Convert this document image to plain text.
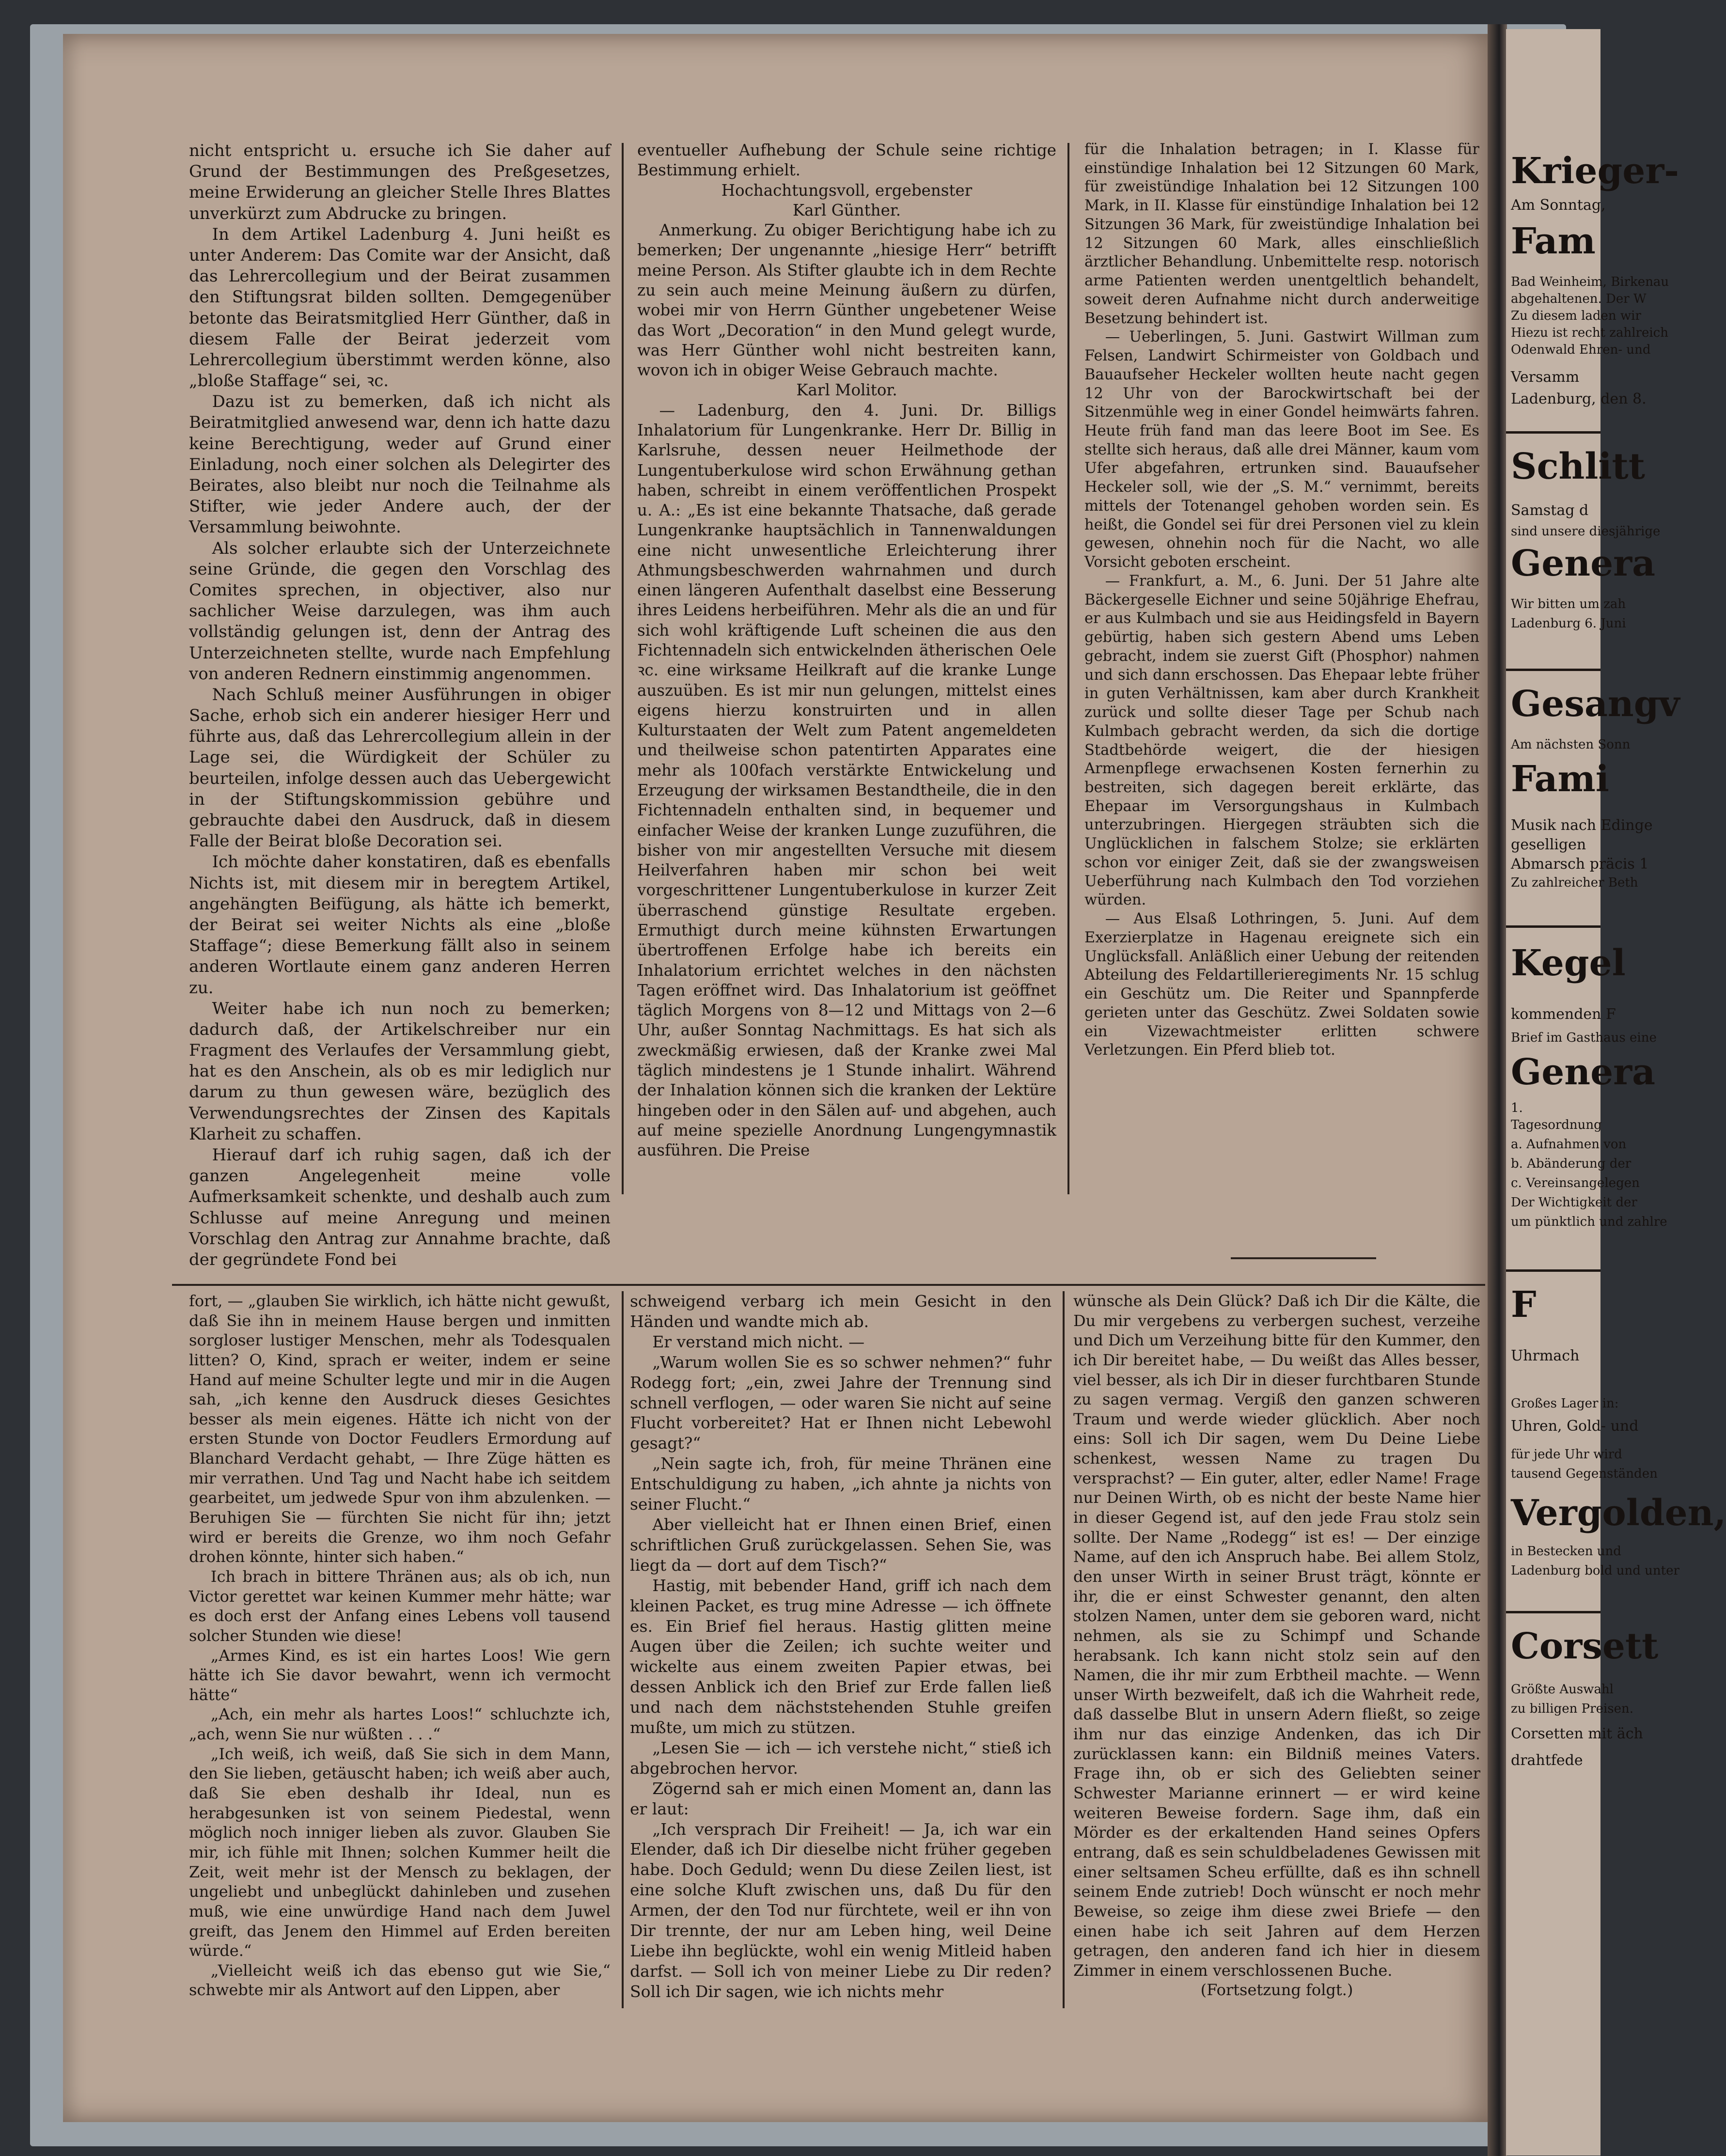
nicht entspricht u. ersuche ich Sie daher auf Grund der Bestimmungen des Preßgesetzes, meine Erwiderung an gleicher Stelle Ihres Blattes unverkürzt zum Abdrucke zu bringen.

In dem Artikel Ladenburg 4. Juni heißt es unter Anderem: Das Comite war der Ansicht, daß das Lehrercollegium und der Beirat zusammen den Stiftungsrat bilden sollten. Demgegenüber betonte das Beiratsmitglied Herr Günther, daß in diesem Falle der Beirat jederzeit vom Lehrercollegium überstimmt werden könne, also „bloße Staffage“ sei, ꝛc.

Dazu ist zu bemerken, daß ich nicht als Beiratmitglied anwesend war, denn ich hatte dazu keine Berechtigung, weder auf Grund einer Einladung, noch einer solchen als Delegirter des Beirates, also bleibt nur noch die Teilnahme als Stifter, wie jeder Andere auch, der der Versammlung beiwohnte.

Als solcher erlaubte sich der Unterzeichnete seine Gründe, die gegen den Vorschlag des Comites sprechen, in objectiver, also nur sachlicher Weise darzulegen, was ihm auch vollständig gelungen ist, denn der Antrag des Unterzeichneten stellte, wurde nach Empfehlung von anderen Rednern einstimmig angenommen.

Nach Schluß meiner Ausführungen in obiger Sache, erhob sich ein anderer hiesiger Herr und führte aus, daß das Lehrercollegium allein in der Lage sei, die Würdigkeit der Schüler zu beurteilen, infolge dessen auch das Uebergewicht in der Stiftungskommission gebühre und gebrauchte dabei den Ausdruck, daß in diesem Falle der Beirat bloße Decoration sei.

Ich möchte daher konstatiren, daß es ebenfalls Nichts ist, mit diesem mir in beregtem Artikel, angehängten Beifügung, als hätte ich bemerkt, der Beirat sei weiter Nichts als eine „bloße Staffage“; diese Bemerkung fällt also in seinem anderen Wortlaute einem ganz anderen Herren zu.

Weiter habe ich nun noch zu bemerken; dadurch daß, der Artikelschreiber nur ein Fragment des Verlaufes der Versammlung giebt, hat es den Anschein, als ob es mir lediglich nur darum zu thun gewesen wäre, bezüglich des Verwendungsrechtes der Zinsen des Kapitals Klarheit zu schaffen.

Hierauf darf ich ruhig sagen, daß ich der ganzen Angelegenheit meine volle Aufmerksamkeit schenkte, und deshalb auch zum Schlusse auf meine Anregung und meinen Vorschlag den Antrag zur Annahme brachte, daß der gegründete Fond bei

eventueller Aufhebung der Schule seine richtige Bestimmung erhielt.

Hochachtungsvoll, ergebenster

Karl Günther.

Anmerkung. Zu obiger Berichtigung habe ich zu bemerken; Der ungenannte „hiesige Herr“ betrifft meine Person. Als Stifter glaubte ich in dem Rechte zu sein auch meine Meinung äußern zu dürfen, wobei mir von Herrn Günther ungebetener Weise das Wort „Decoration“ in den Mund gelegt wurde, was Herr Günther wohl nicht bestreiten kann, wovon ich in obiger Weise Gebrauch machte.

Karl Molitor.

— Ladenburg, den 4. Juni. Dr. Billigs Inhalatorium für Lungenkranke. Herr Dr. Billig in Karlsruhe, dessen neuer Heilmethode der Lungentuberkulose wird schon Erwähnung gethan haben, schreibt in einem veröffentlichen Prospekt u. A.: „Es ist eine bekannte Thatsache, daß gerade Lungenkranke hauptsächlich in Tannenwaldungen eine nicht unwesentliche Erleichterung ihrer Athmungsbeschwerden wahrnahmen und durch einen längeren Aufenthalt daselbst eine Besserung ihres Leidens herbeiführen. Mehr als die an und für sich wohl kräftigende Luft scheinen die aus den Fichtennadeln sich entwickelnden ätherischen Oele ꝛc. eine wirksame Heilkraft auf die kranke Lunge auszuüben. Es ist mir nun gelungen, mittelst eines eigens hierzu konstruirten und in allen Kulturstaaten der Welt zum Patent angemeldeten und theilweise schon patentirten Apparates eine mehr als 100fach verstärkte Entwickelung und Erzeugung der wirksamen Bestandtheile, die in den Fichtennadeln enthalten sind, in bequemer und einfacher Weise der kranken Lunge zuzuführen, die bisher von mir angestellten Versuche mit diesem Heilverfahren haben mir schon bei weit vorgeschrittener Lungentuberkulose in kurzer Zeit überraschend günstige Resultate ergeben. Ermuthigt durch meine kühnsten Erwartungen übertroffenen Erfolge habe ich bereits ein Inhalatorium errichtet welches in den nächsten Tagen eröffnet wird. Das Inhalatorium ist geöffnet täglich Morgens von 8—12 und Mittags von 2—6 Uhr, außer Sonntag Nachmittags. Es hat sich als zweckmäßig erwiesen, daß der Kranke zwei Mal täglich mindestens je 1 Stunde inhalirt. Während der Inhalation können sich die kranken der Lektüre hingeben oder in den Sälen auf- und abgehen, auch auf meine spezielle Anordnung Lungengymnastik ausführen. Die Preise

für die Inhalation betragen; in I. Klasse für einstündige Inhalation bei 12 Sitzungen 60 Mark, für zweistündige Inhalation bei 12 Sitzungen 100 Mark, in II. Klasse für einstündige Inhalation bei 12 Sitzungen 36 Mark, für zweistündige Inhalation bei 12 Sitzungen 60 Mark, alles einschließlich ärztlicher Behandlung. Unbemittelte resp. notorisch arme Patienten werden unentgeltlich behandelt, soweit deren Aufnahme nicht durch anderweitige Besetzung behindert ist.

— Ueberlingen, 5. Juni. Gastwirt Willman zum Felsen, Landwirt Schirmeister von Goldbach und Bauaufseher Heckeler wollten heute nacht gegen 12 Uhr von der Barockwirtschaft bei der Sitzenmühle weg in einer Gondel heimwärts fahren. Heute früh fand man das leere Boot im See. Es stellte sich heraus, daß alle drei Männer, kaum vom Ufer abgefahren, ertrunken sind. Bauaufseher Heckeler soll, wie der „S. M.“ vernimmt, bereits mittels der Totenangel gehoben worden sein. Es heißt, die Gondel sei für drei Personen viel zu klein gewesen, ohnehin noch für die Nacht, wo alle Vorsicht geboten erscheint.

— Frankfurt, a. M., 6. Juni. Der 51 Jahre alte Bäckergeselle Eichner und seine 50jährige Ehefrau, er aus Kulmbach und sie aus Heidingsfeld in Bayern gebürtig, haben sich gestern Abend ums Leben gebracht, indem sie zuerst Gift (Phosphor) nahmen und sich dann erschossen. Das Ehepaar lebte früher in guten Verhältnissen, kam aber durch Krankheit zurück und sollte dieser Tage per Schub nach Kulmbach gebracht werden, da sich die dortige Stadtbehörde weigert, die der hiesigen Armenpflege erwachsenen Kosten fernerhin zu bestreiten, sich dagegen bereit erklärte, das Ehepaar im Versorgungshaus in Kulmbach unterzubringen. Hiergegen sträubten sich die Unglücklichen in falschem Stolze; sie erklärten schon vor einiger Zeit, daß sie der zwangsweisen Ueberführung nach Kulmbach den Tod vorziehen würden.

— Aus Elsaß Lothringen, 5. Juni. Auf dem Exerzierplatze in Hagenau ereignete sich ein Unglücksfall. Anläßlich einer Uebung der reitenden Abteilung des Feldartillerieregiments Nr. 15 schlug ein Geschütz um. Die Reiter und Spannpferde gerieten unter das Geschütz. Zwei Soldaten sowie ein Vizewachtmeister erlitten schwere Verletzungen. Ein Pferd blieb tot.

fort, — „glauben Sie wirklich, ich hätte nicht gewußt, daß Sie ihn in meinem Hause bergen und inmitten sorgloser lustiger Menschen, mehr als Todesqualen litten? O, Kind, sprach er weiter, indem er seine Hand auf meine Schulter legte und mir in die Augen sah, „ich kenne den Ausdruck dieses Gesichtes besser als mein eigenes. Hätte ich nicht von der ersten Stunde von Doctor Feudlers Ermordung auf Blanchard Verdacht gehabt, — Ihre Züge hätten es mir verrathen. Und Tag und Nacht habe ich seitdem gearbeitet, um jedwede Spur von ihm abzulenken. — Beruhigen Sie — fürchten Sie nicht für ihn; jetzt wird er bereits die Grenze, wo ihm noch Gefahr drohen könnte, hinter sich haben.“

Ich brach in bittere Thränen aus; als ob ich, nun Victor gerettet war keinen Kummer mehr hätte; war es doch erst der Anfang eines Lebens voll tausend solcher Stunden wie diese!

„Armes Kind, es ist ein hartes Loos! Wie gern hätte ich Sie davor bewahrt, wenn ich vermocht hätte“

„Ach, ein mehr als hartes Loos!“ schluchzte ich, „ach, wenn Sie nur wüßten . . .“

„Ich weiß, ich weiß, daß Sie sich in dem Mann, den Sie lieben, getäuscht haben; ich weiß aber auch, daß Sie eben deshalb ihr Ideal, nun es herabgesunken ist von seinem Piedestal, wenn möglich noch inniger lieben als zuvor. Glauben Sie mir, ich fühle mit Ihnen; solchen Kummer heilt die Zeit, weit mehr ist der Mensch zu beklagen, der ungeliebt und unbeglückt dahinleben und zusehen muß, wie eine unwürdige Hand nach dem Juwel greift, das Jenem den Himmel auf Erden bereiten würde.“

„Vielleicht weiß ich das ebenso gut wie Sie,“ schwebte mir als Antwort auf den Lippen, aber

schweigend verbarg ich mein Gesicht in den Händen und wandte mich ab.

Er verstand mich nicht. —

„Warum wollen Sie es so schwer nehmen?“ fuhr Rodegg fort; „ein, zwei Jahre der Trennung sind schnell verflogen, — oder waren Sie nicht auf seine Flucht vorbereitet? Hat er Ihnen nicht Lebewohl gesagt?“

„Nein sagte ich, froh, für meine Thränen eine Entschuldigung zu haben, „ich ahnte ja nichts von seiner Flucht.“

Aber vielleicht hat er Ihnen einen Brief, einen schriftlichen Gruß zurückgelassen. Sehen Sie, was liegt da — dort auf dem Tisch?“

Hastig, mit bebender Hand, griff ich nach dem kleinen Packet, es trug mine Adresse — ich öffnete es. Ein Brief fiel heraus. Hastig glitten meine Augen über die Zeilen; ich suchte weiter und wickelte aus einem zweiten Papier etwas, bei dessen Anblick ich den Brief zur Erde fallen ließ und nach dem nächststehenden Stuhle greifen mußte, um mich zu stützen.

„Lesen Sie — ich — ich verstehe nicht,“ stieß ich abgebrochen hervor.

Zögernd sah er mich einen Moment an, dann las er laut:

„Ich versprach Dir Freiheit! — Ja, ich war ein Elender, daß ich Dir dieselbe nicht früher gegeben habe. Doch Geduld; wenn Du diese Zeilen liest, ist eine solche Kluft zwischen uns, daß Du für den Armen, der den Tod nur fürchtete, weil er ihn von Dir trennte, der nur am Leben hing, weil Deine Liebe ihn beglückte, wohl ein wenig Mitleid haben darfst. — Soll ich von meiner Liebe zu Dir reden? Soll ich Dir sagen, wie ich nichts mehr

wünsche als Dein Glück? Daß ich Dir die Kälte, die Du mir vergebens zu verbergen suchest, verzeihe und Dich um Verzeihung bitte für den Kummer, den ich Dir bereitet habe, — Du weißt das Alles besser, viel besser, als ich Dir in dieser furchtbaren Stunde zu sagen vermag. Vergiß den ganzen schweren Traum und werde wieder glücklich. Aber noch eins: Soll ich Dir sagen, wem Du Deine Liebe schenkest, wessen Name zu tragen Du versprachst? — Ein guter, alter, edler Name! Frage nur Deinen Wirth, ob es nicht der beste Name hier in dieser Gegend ist, auf den jede Frau stolz sein sollte. Der Name „Rodegg“ ist es! — Der einzige Name, auf den ich Anspruch habe. Bei allem Stolz, den unser Wirth in seiner Brust trägt, könnte er ihr, die er einst Schwester genannt, den alten stolzen Namen, unter dem sie geboren ward, nicht nehmen, als sie zu Schimpf und Schande herabsank. Ich kann nicht stolz sein auf den Namen, die ihr mir zum Erbtheil machte. — Wenn unser Wirth bezweifelt, daß ich die Wahrheit rede, daß dasselbe Blut in unsern Adern fließt, so zeige ihm nur das einzige Andenken, das ich Dir zurücklassen kann: ein Bildniß meines Vaters. Frage ihn, ob er sich des Geliebten seiner Schwester Marianne erinnert — er wird keine weiteren Beweise fordern. Sage ihm, daß ein Mörder es der erkaltenden Hand seines Opfers entrang, daß es sein schuldbeladenes Gewissen mit einer seltsamen Scheu erfüllte, daß es ihn schnell seinem Ende zutrieb! Doch wünscht er noch mehr Beweise, so zeige ihm diese zwei Briefe — den einen habe ich seit Jahren auf dem Herzen getragen, den anderen fand ich hier in diesem Zimmer in einem verschlossenen Buche.

(Fortsetzung folgt.)

Krieger-
Am Sonntag,
Fam
Bad Weinheim, Birkenau
abgehaltenen. Der W
Zu diesem laden wir
Hiezu ist recht zahlreich
Odenwald Ehren- und
Versamm
Ladenburg, den 8.
Schlitt
Samstag d
sind unsere diesjährige
Genera
Wir bitten um zah
Ladenburg 6. Juni
Gesangv
Am nächsten Sonn
Fami
Musik nach Edinge
geselligen
Abmarsch präcis 1
Zu zahlreicher Beth
Kegel
kommenden F
Brief im Gasthaus eine
Genera
1.
Tagesordnung
a. Aufnahmen von
b. Abänderung der
c. Vereinsangelegen
Der Wichtigkeit der
um pünktlich und zahlre
F
Uhrmach
Großes Lager in:
Uhren, Gold- und
für jede Uhr wird
tausend Gegenständen
Vergolden,
in Bestecken und
Ladenburg bold und unter
Corsett
Größte Auswahl
zu billigen Preisen.
Corsetten mit äch
drahtfede
